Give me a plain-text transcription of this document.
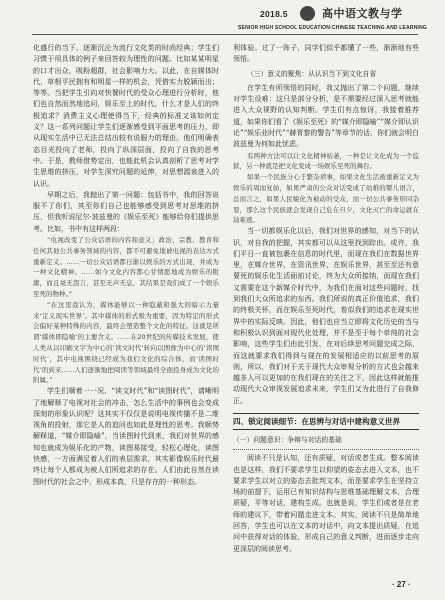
2018.5	高中语文教与学
SENIOR HIGH SCHOOL EDUCATION:CHINESE TEACHING AND LEARNING

化盛行的当下，逐渐沉沦为流行文化类的时尚经典；学生们习惯于用具体的例子来回答较为理性的问题。比如某某明星的口才出众，吸粉超群，社会影响力大。以此，在自媒体时代，草根平民拥有和明星一样的机会，凭借实力脱颖而出；等等。当把学生引向对快餐时代的受众心理进行分析时，他们也自然而然地追问，娱乐至上的时代，什么才是人们的终极追求？消费主义心理使得当下，经典的标准又该如何定义？这一系列问题让学生们逐渐感受到平面思考的压力，即从现实生活中已无法总结出较有说服力的理由。他们明确表态目光投向了老师，投向了纵深层面，投向了自我的思考中。于是，教师借势定出，也能此机会认真剖析了思考对学生思维的挤压，对学生深究问题的延伸，对思想源泉进入的认识。

早期之后，我抛出了第一问题：包括书中，我的回答说服不了你们，其至你们自己也能够感受到思考对思维的挤压，但我听说尼尔·波兹曼的《娱乐至死》能够给你们提供思考。比如，书中有这样两段：

“电视改变了公众话语的内容和意义；政治、宗教、教育和任何其他公共事务领域的内容，都不可避免地被电视的表达方式重新定义。……一切公众话语都日渐以娱乐的方式出现，并成为一种文化精神。……如今文化内容都心甘情愿地成为娱乐的附庸，而且毫无怨言，甚至无声无息，其结果是我们成了一个娱乐至死的物种。”

“在这里我认为，媒体能够以一种隐蔽和强大的暗示力量来‘定义现实世界’。其中媒体的形式极为重要，因为特定的形式会偏好某种特殊的内容，最终会塑造整个文化的特征。这就是所谓‘媒体即隐喻’的主要含义。……在20世纪的传媒技术发展，使人类从以印刷文字为中心的‘读文时代’转向以图像为中心的‘读图时代’，其中电视围绕已经成为我们文化的综合体，而‘读图时代’的到来……人们逐渐地把阅读等领域最终全面投身成为文化的附属。”

学生们顺着一一况、“读文时代”和“读图时代”，请晰明了地解释了电视对社会的冲击，怎么生活中的事例也会变成深刻的形象认识呢？这其实不仅仅是说明电视传播不是二维视角的投射，那它是人的追问也如此是理性的思考。我顺势解释道，“媒介即隐喻”，当读图时代到来，我们对世界的感知也就成为娱乐化的产物，读图易接受，轻松心理化，读图快感，一方面满足着人们的表层需求，其实影像娱乐时代最终让每个人都成为被人们所追求的存在。人们由此自然在读图时代的社会之中，形成本真，只是存在的一种形态。

利体验。过了一阵子，同学们似乎都懂了一些，渐渐地有些领悟。

（三）意义的聚焦：从认识当下到文化自省

在学生有所领悟的同时，我又抛出了第二个问题，继续对学生设难：这只是部分分析，是不需要经过深入思考就能进入大众视野的认知判断。学生们有点惊讶，我接着推荐道，如果你们看了《娱乐至死》的“媒介即隐喻”“媒介即认识论”“娱乐业时代”“赫胥黎的警告”等章节的话，你们就会明白波兹曼为何如此忧虑。

有两种方法可以让文化精神枯萎，一种是让文化成为一个监狱，另一种就是把文化变成一场娱乐至死的舞台。

如果一个民族分心于繁杂琐事，如果文化生活被重新定义为娱乐的周而复始，如果严肃的公众对话变成了幼稚的婴儿语言，总而言之，如果人民蜕化为被动的受众，而一切公共事务形同杂耍，那么这个民族就会发现自己危在旦夕，文化灭亡的命运就在劫难逃。

当一切都娱乐化以后，我们对世界的感知，对当下的认识，对自我的把握，其实都可以从这里找到踪由。或许，我们平日一直被包裹在信息的时代里，而现在我们在数据世界里，在媒介世界，在资讯世界，在娱乐世界，甚至至还有意要死的娱乐化生活面前讨论，终为大众所接纳，而现在我们又需要在这个新媒介时代中，为我们在面对这些问题时，找到我们大众所追求的东西。我们所说的真正价值追求，我们的终极关怀，而在娱乐至死时代，看似我们的追求在现实世界中的实际反映。因此，他们也应当立即将文化历史的当与和积极认识到面对现代化处理，并不是至于每个单纯的社会影响，这些学生们由此引发，在对后续思考问题完成之际，而这就要求我们得到与现在的发展相适应的以前思考的原则，所以，我们对于关于现代大众审视分析的方式也会越来越多人可以更加的在我们现在的关注之下，因此这样就能推动现代大众审视发展追求未来，学生们又为此进行了自我修正。

四、锁定阅读细节：在思辨与对话中建构意义世界

（一）问题意识：争辩与对话的基础

阅读不只是认知，还有质疑，对话或者生成。整本阅读也是这样，我们不要求学生以仰望的姿态去进入文本，也不要求学生以对立的姿态去批判文本，而是要求学生在坚持立场的前提下，运用已有知识结构与思维基础理解文本，合理质疑，平等对话，建构生成。也就是说，学生们或者是在老师的建议下，带着问题走进文本。其实，阅读不只是简单地回答，学生也可以在文本的对话中，向文本提出质疑，在追问中获得对话的体验，形成自己的意义判断，进而逐步走向更深层的阅读思考。

· 27 ·
